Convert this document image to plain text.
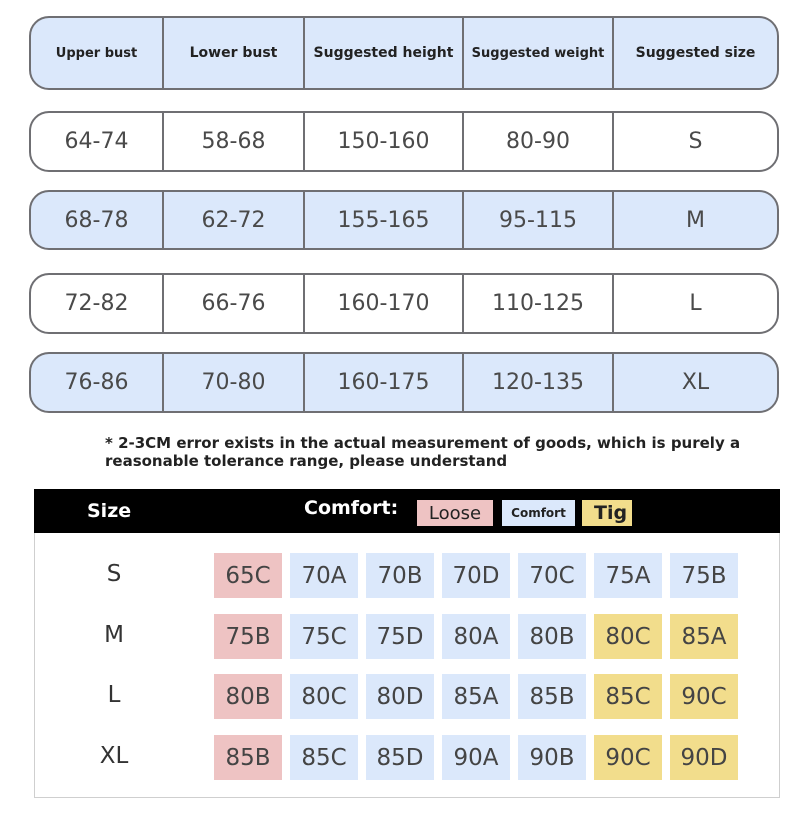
Upper bust	Lower bust	Suggested height	Suggested weight	Suggested size
64-74	58-68	150-160	80-90	S
68-78	62-72	155-165	95-115	M
72-82	66-76	160-170	110-125	L
76-86	70-80	160-175	120-135	XL
* 2-3CM error exists in the actual measurement of goods, which is purely a reasonable tolerance range, please understand
Size	Comfort:	Loose	Comfort	Tig
S	65C	70A	70B	70D	70C	75A	75B
M	75B	75C	75D	80A	80B	80C	85A
L	80B	80C	80D	85A	85B	85C	90C
XL	85B	85C	85D	90A	90B	90C	90D
